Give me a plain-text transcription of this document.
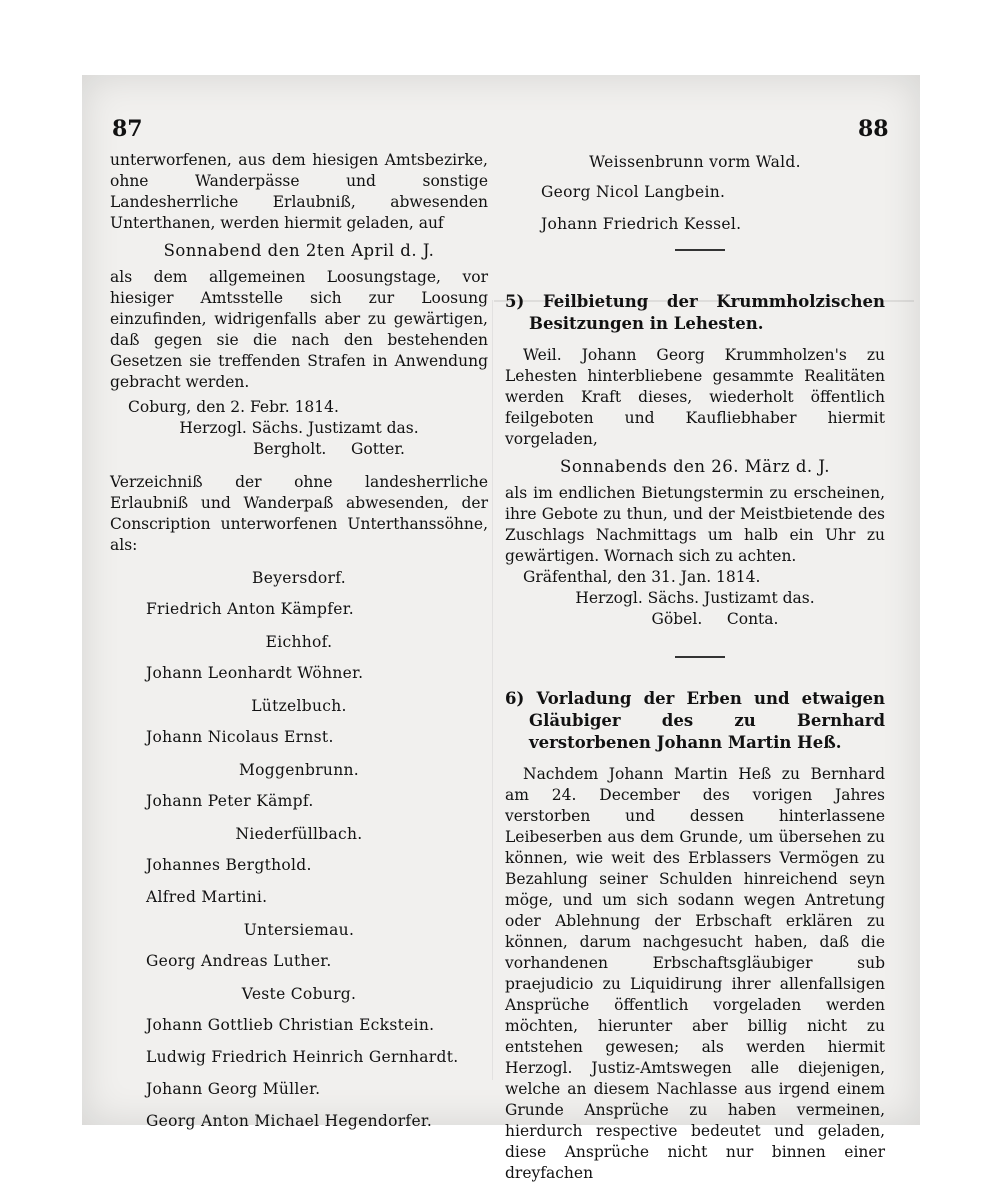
87	88

unterworfenen, aus dem hiesigen Amtsbezirke, ohne Wanderpässe und sonstige Landesherrliche Erlaubniß, abwesenden Unterthanen, werden hiermit geladen, auf

Sonnabend den 2ten April d. J.

als dem allgemeinen Loosungstage, vor hiesiger Amtsstelle sich zur Loosung einzufinden, widrigenfalls aber zu gewärtigen, daß gegen sie die nach den bestehenden Gesetzen sie treffenden Strafen in Anwendung gebracht werden.

Coburg, den 2. Febr. 1814.

Herzogl. Sächs. Justizamt das.

Bergholt.     Gotter.

Verzeichniß der ohne landesherrliche Erlaubniß und Wanderpaß abwesenden, der Conscription unterworfenen Unterthanssöhne, als:

Beyersdorf.

Friedrich Anton Kämpfer.

Eichhof.

Johann Leonhardt Wöhner.

Lützelbuch.

Johann Nicolaus Ernst.

Moggenbrunn.

Johann Peter Kämpf.

Niederfüllbach.

Johannes Bergthold.

Alfred Martini.

Untersiemau.

Georg Andreas Luther.

Veste Coburg.

Johann Gottlieb Christian Eckstein.

Ludwig Friedrich Heinrich Gernhardt.

Johann Georg Müller.

Georg Anton Michael Hegendorfer.

Weissenbrunn vorm Wald.

Georg Nicol Langbein.

Johann Friedrich Kessel.

5) Feilbietung der Krummholzischen Besitzungen in Lehesten.

Weil. Johann Georg Krummholzen's zu Lehesten hinterbliebene gesammte Realitäten werden Kraft dieses, wiederholt öffentlich feilgeboten und Kaufliebhaber hiermit vorgeladen,

Sonnabends den 26. März d. J.

als im endlichen Bietungstermin zu erscheinen, ihre Gebote zu thun, und der Meistbietende des Zuschlags Nachmittags um halb ein Uhr zu gewärtigen. Wornach sich zu achten.

Gräfenthal, den 31. Jan. 1814.

Herzogl. Sächs. Justizamt das.

Göbel.     Conta.

6) Vorladung der Erben und etwaigen Gläubiger des zu Bernhard verstorbenen Johann Martin Heß.

Nachdem Johann Martin Heß zu Bernhard am 24. December des vorigen Jahres verstorben und dessen hinterlassene Leibeserben aus dem Grunde, um übersehen zu können, wie weit des Erblassers Vermögen zu Bezahlung seiner Schulden hinreichend seyn möge, und um sich sodann wegen Antretung oder Ablehnung der Erbschaft erklären zu können, darum nachgesucht haben, daß die vorhandenen Erbschaftsgläubiger sub praejudicio zu Liquidirung ihrer allenfallsigen Ansprüche öffentlich vorgeladen werden möchten, hierunter aber billig nicht zu entstehen gewesen; als werden hiermit Herzogl. Justiz-Amtswegen alle diejenigen, welche an diesem Nachlasse aus irgend einem Grunde Ansprüche zu haben vermeinen, hierdurch respective bedeutet und geladen, diese Ansprüche nicht nur binnen einer dreyfachen
